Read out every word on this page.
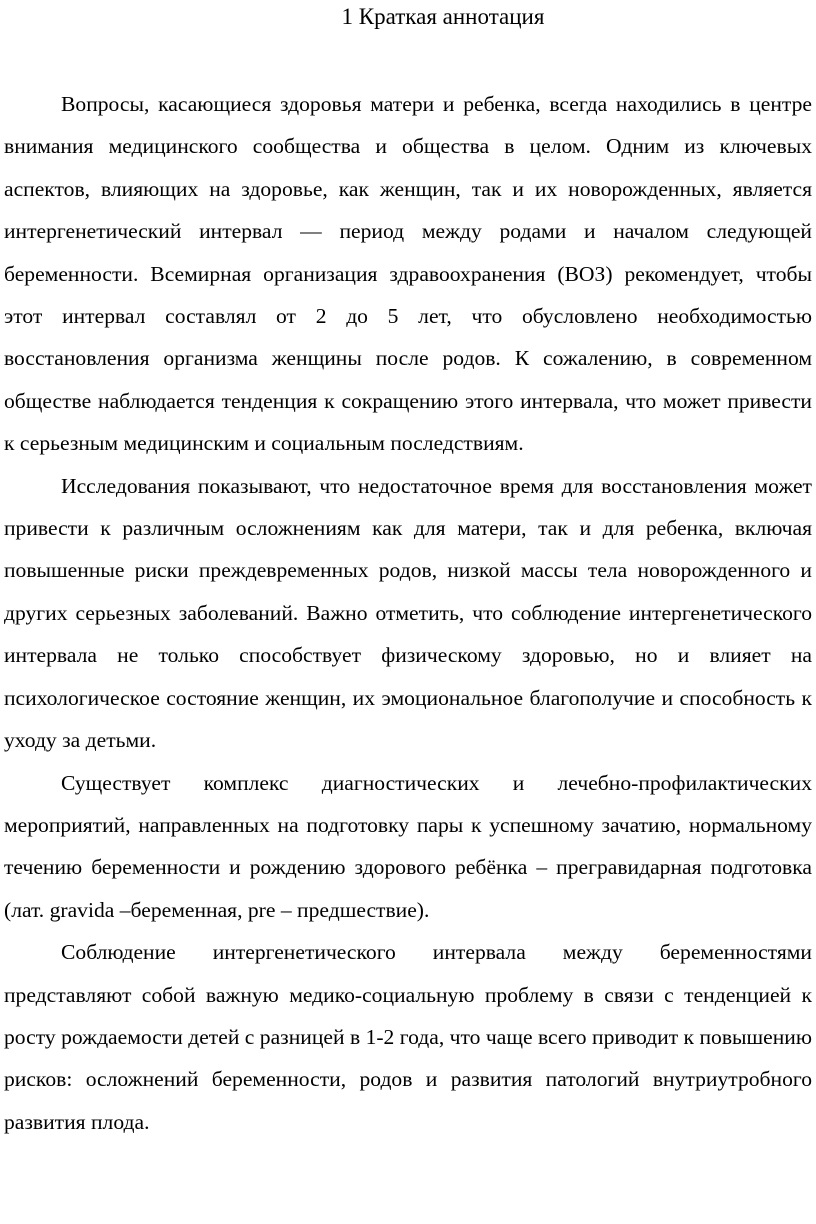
1 Краткая аннотация

Вопросы, касающиеся здоровья матери и ребенка, всегда находились в центре внимания медицинского сообщества и общества в целом. Одним из ключевых аспектов, влияющих на здоровье, как женщин, так и их новорожденных, является интергенетический интервал — период между родами и началом следующей беременности. Всемирная организация здравоохранения (ВОЗ) рекомендует, чтобы этот интервал составлял от 2 до 5 лет, что обусловлено необходимостью восстановления организма женщины после родов. К сожалению, в современном обществе наблюдается тенденция к сокращению этого интервала, что может привести к серьезным медицинским и социальным последствиям.

Исследования показывают, что недостаточное время для восстановления может привести к различным осложнениям как для матери, так и для ребенка, включая повышенные риски преждевременных родов, низкой массы тела новорожденного и других серьезных заболеваний. Важно отметить, что соблюдение интергенетического интервала не только способствует физическому здоровью, но и влияет на психологическое состояние женщин, их эмоциональное благополучие и способность к уходу за детьми.

Существует комплекс диагностических и лечебно-профилактических мероприятий, направленных на подготовку пары к успешному зачатию, нормальному течению беременности и рождению здорового ребёнка – прегравидарная подготовка (лат. gravida –беременная, pre – предшествие).

Соблюдение интергенетического интервала между беременностями представляют собой важную медико-социальную проблему в связи с тенденцией к росту рождаемости детей с разницей в 1-2 года, что чаще всего приводит к повышению рисков: осложнений беременности, родов и развития патологий внутриутробного развития плода.
